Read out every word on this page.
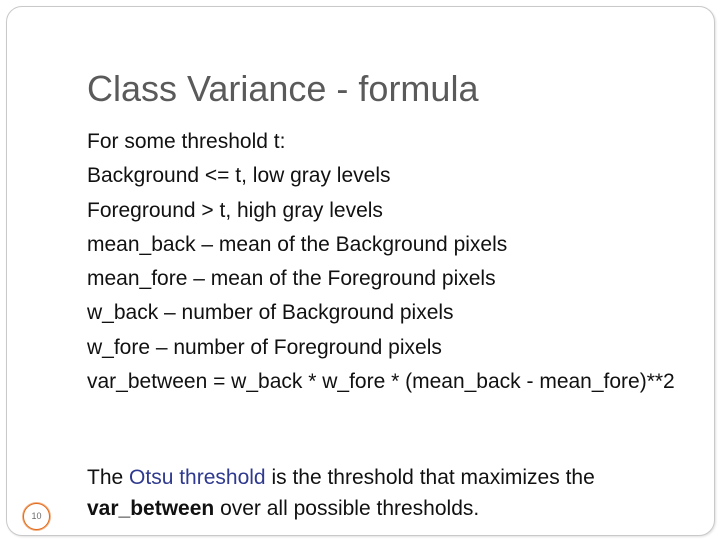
Class Variance - formula
For some threshold t:
Background <= t, low gray levels
Foreground > t, high gray levels
mean_back – mean of the Background pixels
mean_fore – mean of the Foreground pixels
w_back – number of Background pixels
w_fore – number of Foreground pixels
var_between = w_back * w_fore * (mean_back - mean_fore)**2
The Otsu threshold is the threshold that maximizes the var_between over all possible thresholds.
10
